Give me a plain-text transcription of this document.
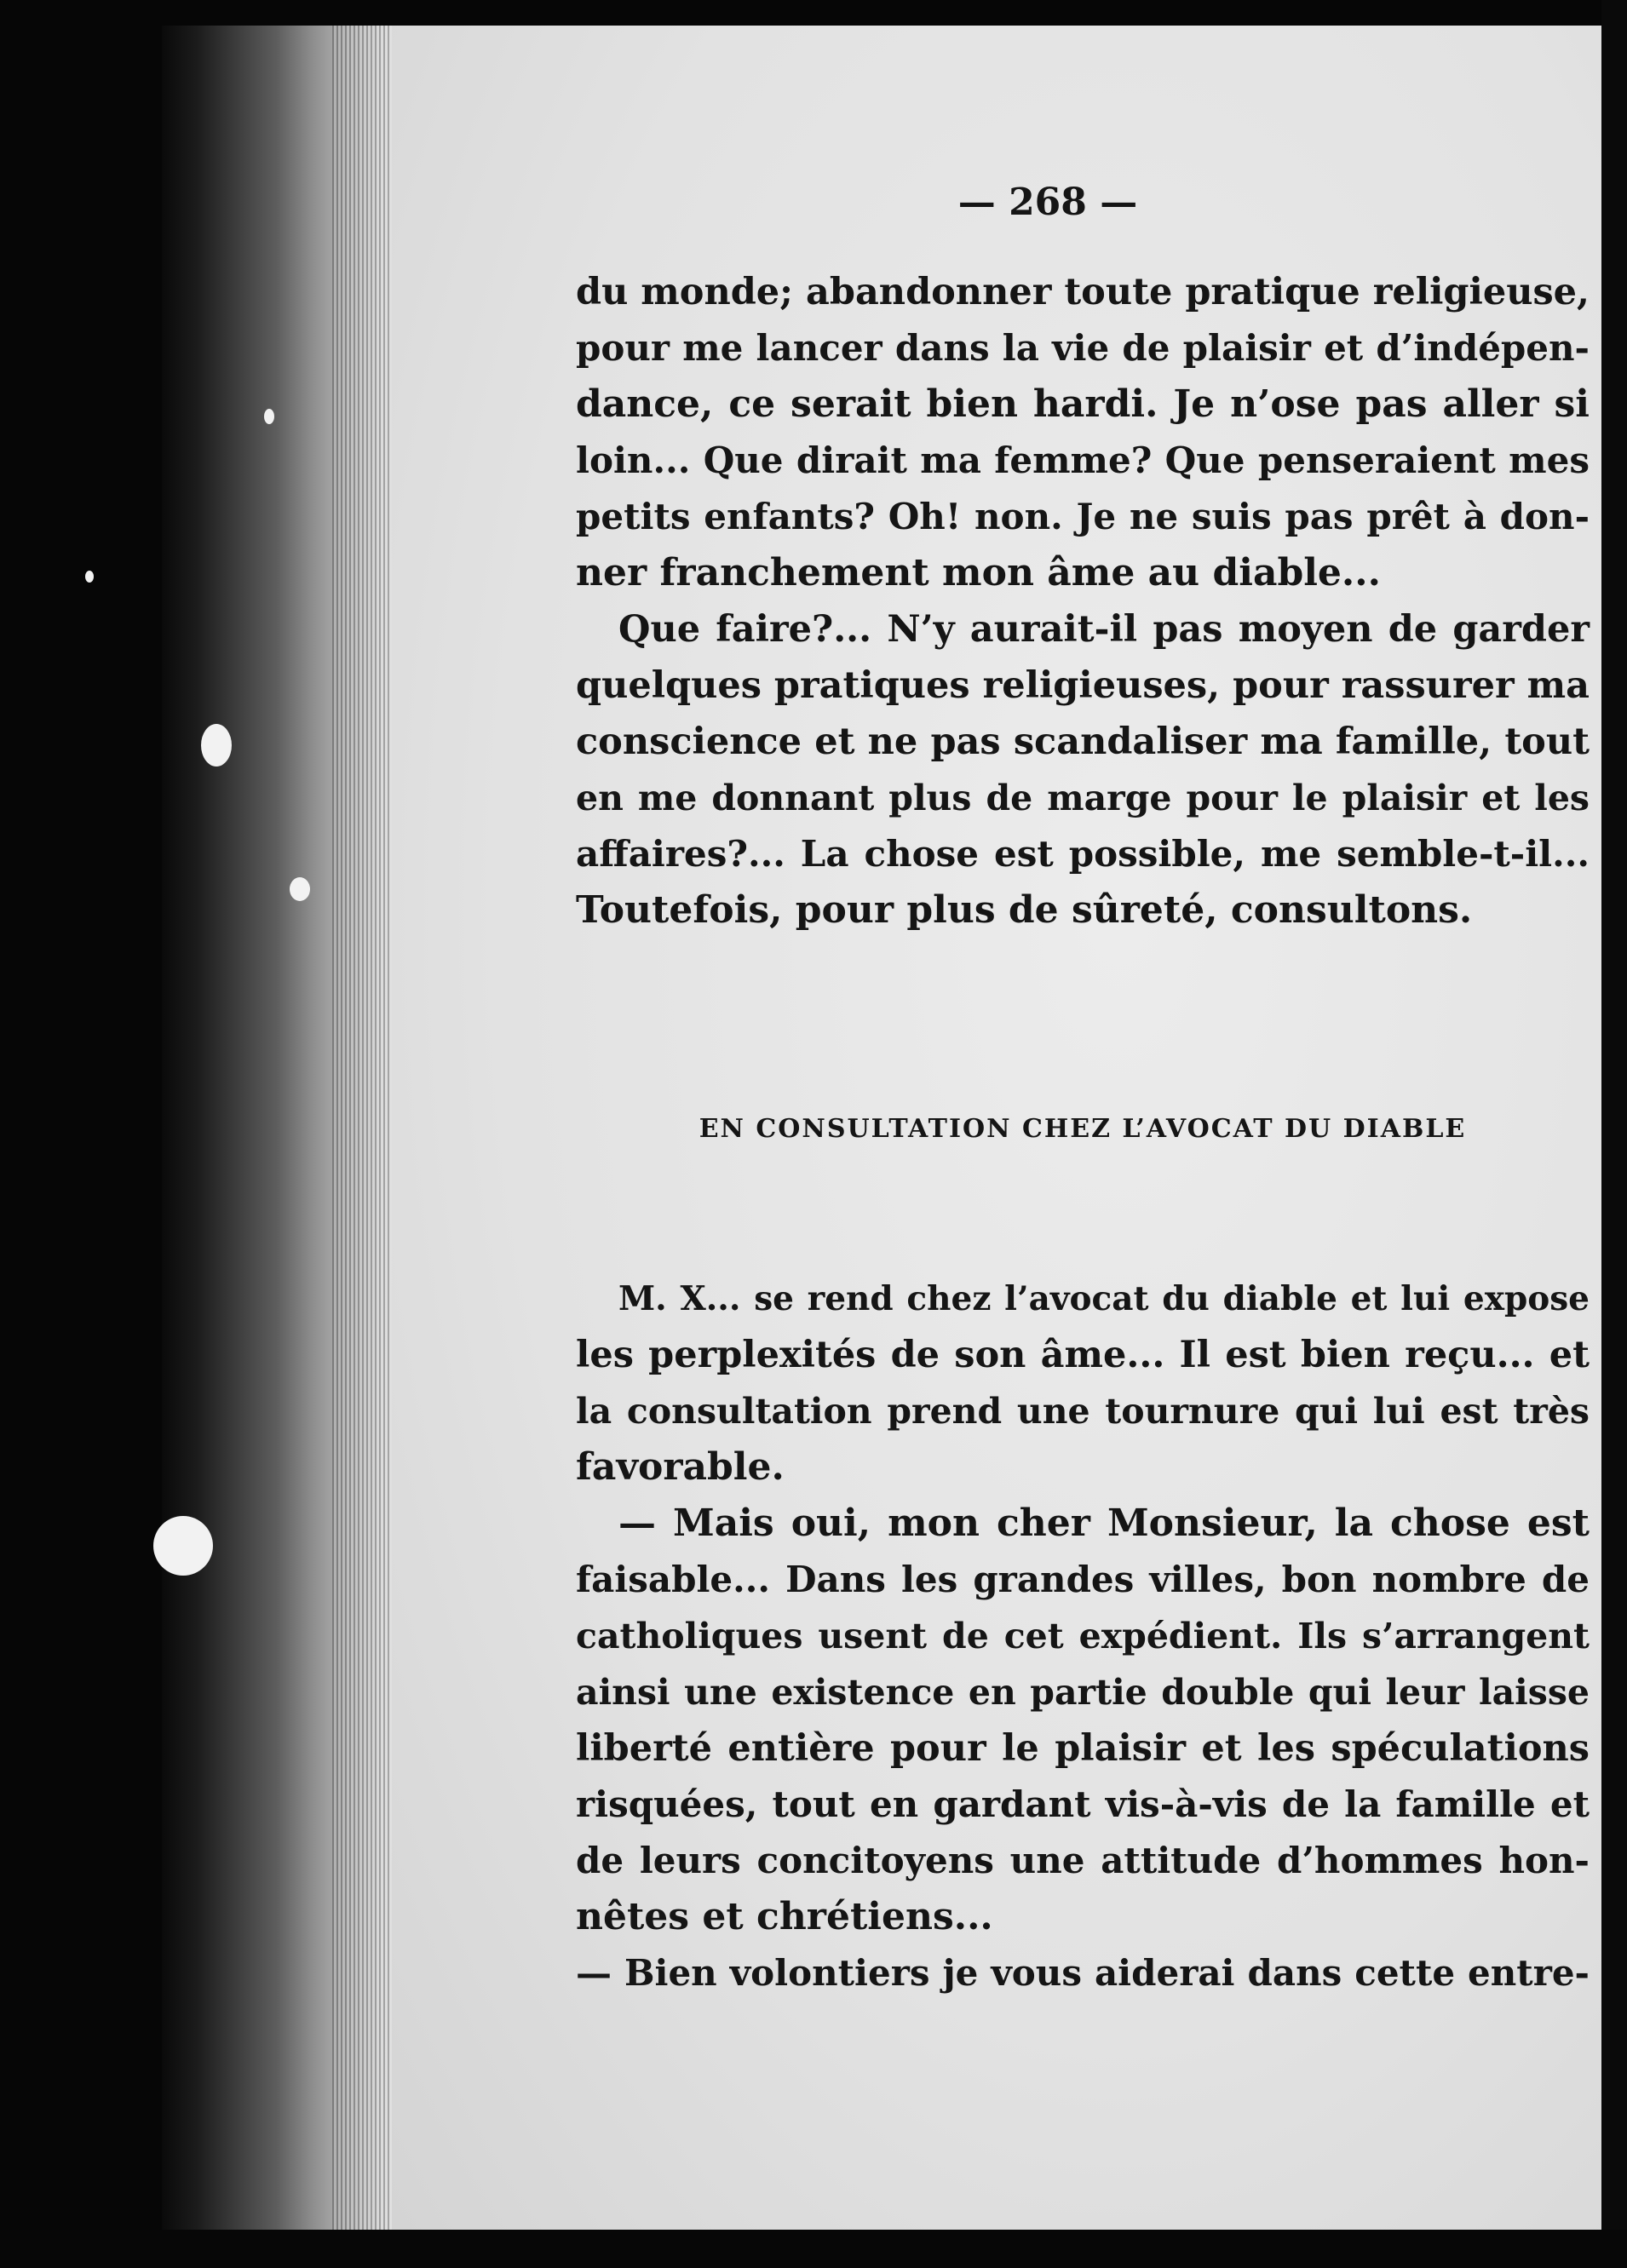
— 268 —
du monde; abandonner toute pratique religieuse,
pour me lancer dans la vie de plaisir et d’indépen-
dance, ce serait bien hardi. Je n’ose pas aller si
loin... Que dirait ma femme? Que penseraient mes
petits enfants? Oh! non. Je ne suis pas prêt à don-
ner franchement mon âme au diable...
Que faire?... N’y aurait-il pas moyen de garder
quelques pratiques religieuses, pour rassurer ma
conscience et ne pas scandaliser ma famille, tout
en me donnant plus de marge pour le plaisir et les
affaires?... La chose est possible, me semble-t-il...
Toutefois, pour plus de sûreté, consultons.
EN CONSULTATION CHEZ L’AVOCAT DU DIABLE
M. X... se rend chez l’avocat du diable et lui expose
les perplexités de son âme... Il est bien reçu... et
la consultation prend une tournure qui lui est très
favorable.
— Mais oui, mon cher Monsieur, la chose est
faisable... Dans les grandes villes, bon nombre de
catholiques usent de cet expédient. Ils s’arrangent
ainsi une existence en partie double qui leur laisse
liberté entière pour le plaisir et les spéculations
risquées, tout en gardant vis-à-vis de la famille et
de leurs concitoyens une attitude d’hommes hon-
nêtes et chrétiens...
— Bien volontiers je vous aiderai dans cette entre-
